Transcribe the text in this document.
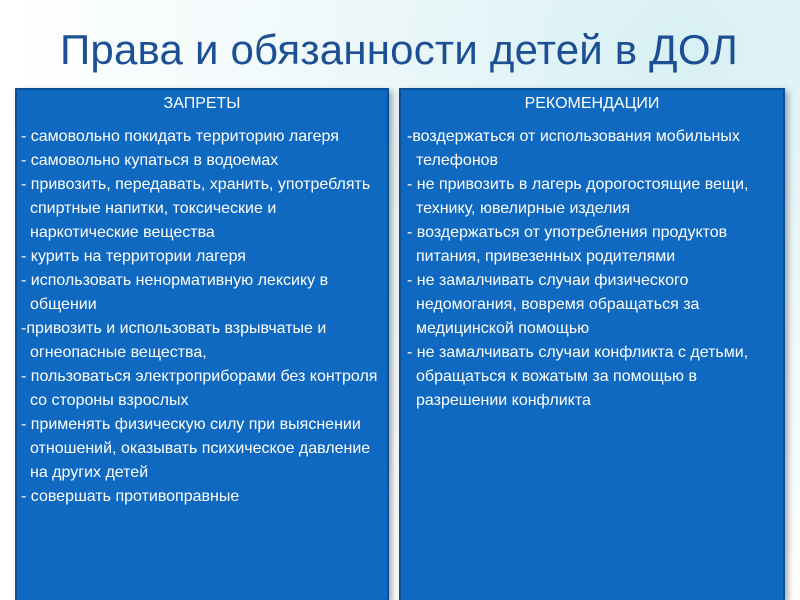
Права и обязанности детей в ДОЛ
ЗАПРЕТЫ
- самовольно покидать территорию лагеря
- самовольно купаться в водоемах
- привозить, передавать, хранить, употреблять спиртные напитки, токсические и наркотические вещества
- курить на территории лагеря
- использовать ненормативную лексику в общении
-привозить и использовать взрывчатые и огнеопасные вещества,
- пользоваться электроприборами без контроля со стороны взрослых
- применять физическую силу при выяснении отношений, оказывать психическое давление на других детей
- совершать противоправные
РЕКОМЕНДАЦИИ
-воздержаться от использования мобильных телефонов
- не привозить в лагерь дорогостоящие вещи, технику, ювелирные изделия
- воздержаться от употребления продуктов питания, привезенных родителями
- не замалчивать случаи физического недомогания, вовремя обращаться за медицинской помощью
- не замалчивать случаи конфликта с детьми, обращаться к вожатым за помощью в разрешении конфликта
